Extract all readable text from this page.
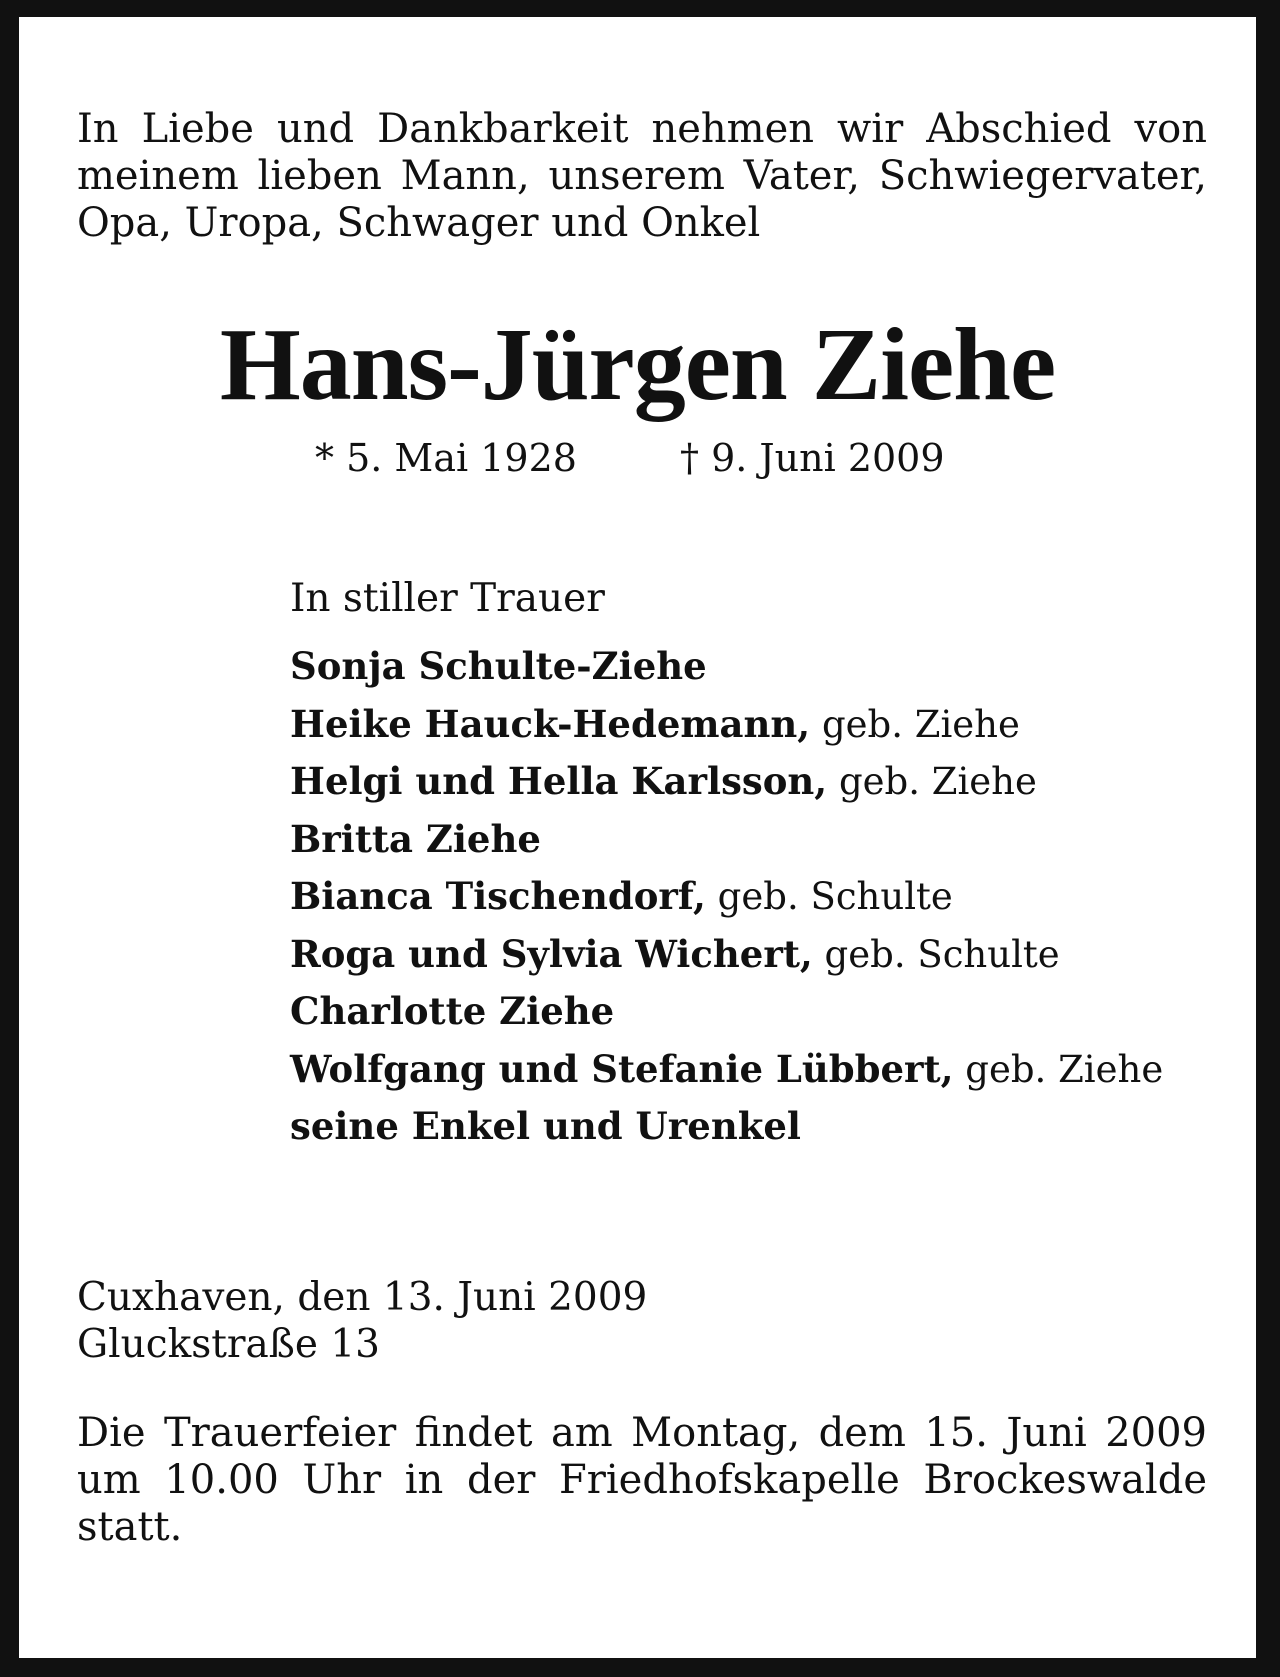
In Liebe und Dankbarkeit nehmen wir Abschied von
meinem lieben Mann, unserem Vater, Schwiegervater,
Opa, Uropa, Schwager und Onkel

Hans-Jürgen Ziehe
* 5. Mai 1928	† 9. Juni 2009

In stiller Trauer

Sonja Schulte-Ziehe
Heike Hauck-Hedemann, geb. Ziehe
Helgi und Hella Karlsson, geb. Ziehe
Britta Ziehe
Bianca Tischendorf, geb. Schulte
Roga und Sylvia Wichert, geb. Schulte
Charlotte Ziehe
Wolfgang und Stefanie Lübbert, geb. Ziehe
seine Enkel und Urenkel
Cuxhaven, den 13. Juni 2009
Gluckstraße 13

Die Trauerfeier findet am Montag, dem 15. Juni 2009
um 10.00 Uhr in der Friedhofskapelle Brockeswalde
statt.
